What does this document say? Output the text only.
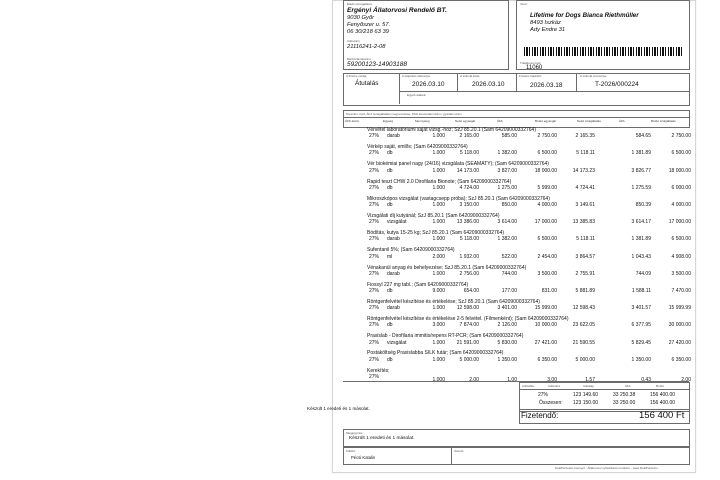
Eladó (szolgáltató):
Ergényi Állatorvosi Rendelő BT.
9030 Győr
Fenyőszer u. 57.
06 30/218 63 39
Adószám:
21116241-2-08
Bankszámlaszám:
59200123-14903188
Vevő:
Lifetime for Dogs Bianca Riethmüller
8493 Iszkáz
Ady Endre 31
Tulajdonos kód:
11060
A fizetés módja:
Átutalás
A teljesítés időpontja:
2026.03.10
A számla kelte:
2026.03.10
Fizetési határidő:
2026.03.18
A számla sorszáma:
T-2026/000224
Egyéb adatok:
Sorszám; Kód; ÁKJ (szolgáltatás) megnevezése; KSH besorolási szám / gyártási szám
ÁKK-kulcs	Egység	Mennyiség	Nettó egységár	ÁFA	Bruttó egységár	Nettó szolgáltatás	ÁFA	Bruttó szolgáltatás
Vérvétel laboratóriumi saját vizsg.-hoz; SzJ 85.20.1 (Sam 64209000332764)
27% darab	1.000	2 165.00	585.00	2 750.00	2 165.35	584.65	2 750.00
Vérkép saját, emlős; (Sam 64209000332764)
27% db	1.000	5 118.00	1 382.00	6 500.00	5 118.11	1 381.89	6 500.00
Vér biokémiai panel nagy (24/16) vizsgálata (SEAMATY); (Sam 64209000332764)
27% db	1.000	14 173.00	3 827.00	18 000.00	14 173.23	3 826.77	18 000.00
Rapid teszt CHW 2.0 Dirofilaria Bionote; (Sam 64209000332764)
27% db	1.000	4 724.00	1 275.00	5 999.00	4 724.41	1 275.59	6 000.00
Mikroszkópos vizsgálat (vastagcsepp próba); SzJ 85.20.1 (Sam 64209000332764)
27% db	1.000	3 150.00	850.00	4 000.00	3 149.61	850.39	4 000.00
Vizsgálati díj kutyánál; SzJ 85.20.1 (Sam 64209000332764)
27% vizsgálat	1.000	13 386.00	3 614.00	17 000.00	13 385.83	3 614.17	17 000.00
Bódítás, kutya 15-25 kg; SzJ 85.20.1 (Sam 64209000332764)
27% darab	1.000	5 118.00	1 382.00	6 500.00	5 118.11	1 381.89	6 500.00
Sufentanil 5%; (Sam 64209000332764)
27% ml	2.000	1 932.00	522.00	2 454.00	3 864.57	1 043.43	4 908.00
Vénakanül anyag és behelyezése; SzJ 85.20.1 (Sam 64209000332764)
27% darab	1.000	2 756.00	744.00	3 500.00	2 755.91	744.09	3 500.00
Fiossyl 227 mg tabl.; (Sam 64209000332764)
27% db	9.000	654.00	177.00	831.00	5 881.89	1 588.11	7 470.00
Röntgenfelvétel készítése és értékelése; SzJ 85.20.1 (Sam 64209000332764)
27% darab	1.000	12 598.00	3 401.00	15 999.00	12 598.43	3 401.57	15 999.99
Röntgenfelvétel készítése és értékelése 2-5 felvétel. (Filmenként); (Sam 64209000332764)
27% db	3.000	7 874.00	2 126.00	10 000.00	23 622.05	6 377.95	30 000.00
Praxislab - Dirofilaria immitis/repens RT-PCR; (Sam 64209000332764)
27% vizsgálat	1.000	21 591.00	5 830.00	27 421.00	21 590.55	5 829.45	27 420.00
Postaköltség Praxislabba SILK futár; (Sam 64209000332764)
27% db	1.000	5 000.00	1 350.00	6 350.00	5 000.00	1 350.00	6 350.00
Kerekítés;
27%	1.000	2.00	1.00	3.00	1.57	0.43	2.00
Adótábla:	Adókulcs	Adóalap	ÁFA	Bruttó
27%	123 149.60	33 250.38	156 400.00
Összesen: 123 150.00	33 250.00	156 400.00
Fizetendő:	156 400 Ft
Megjegyzés:
Készült 1 eredeti és 1 másolat.
Kiállító:
Pécsi Katalin
Átvevő:
DokiPontosta Connect - Állatorvosi nyilvántartó rendszer - www.DokiPonta.hu
Készült 1 eredeti és 1 másolat.
